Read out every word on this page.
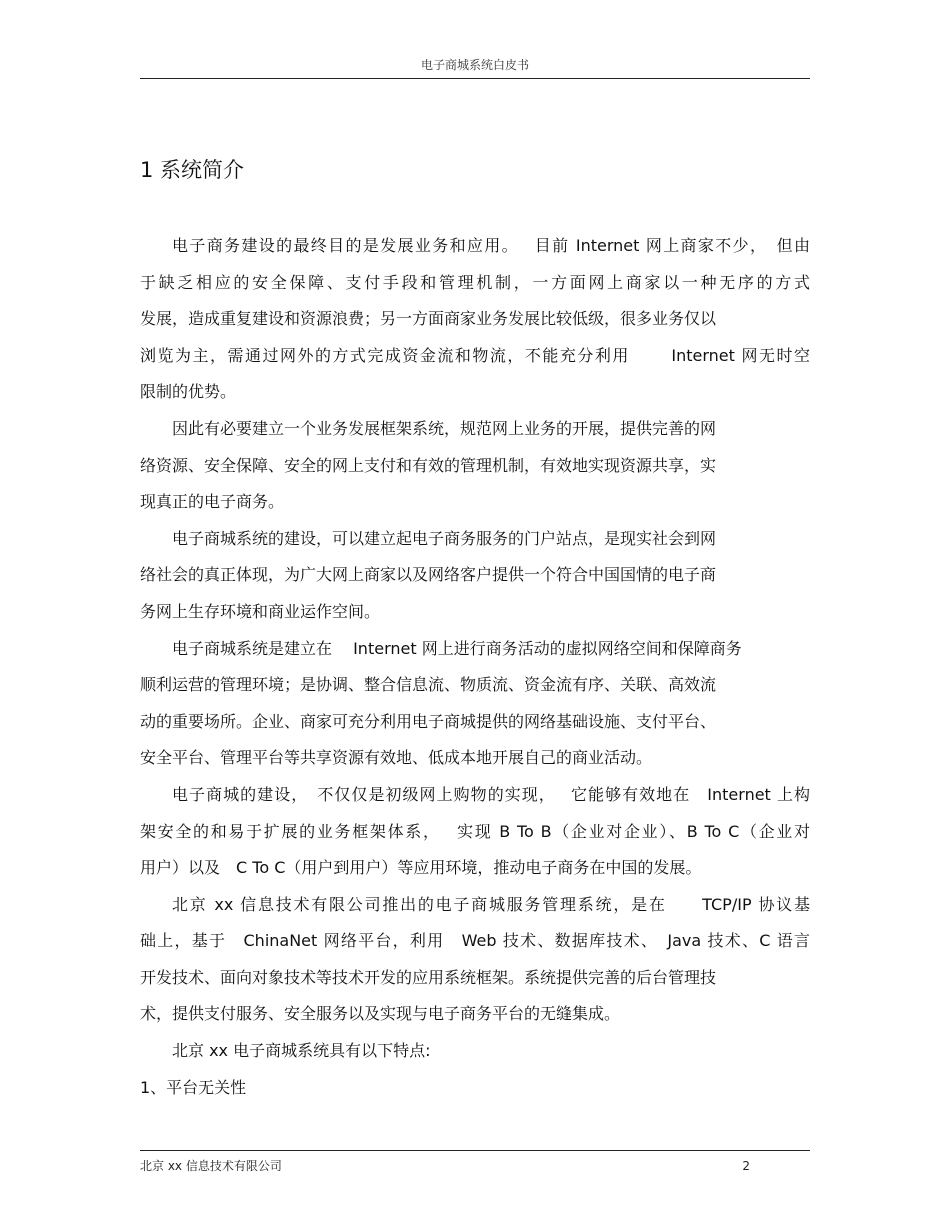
电子商城系统白皮书
1 系统简介
电子商务建设的最终目的是发展业务和应用。　 目前 Internet 网上商家不少，　但由
于缺乏相应的安全保障、支付手段和管理机制，一方面网上商家以一种无序的方式
发展，造成重复建设和资源浪费；另一方面商家业务发展比较低级，很多业务仅以
浏览为主，需通过网外的方式完成资金流和物流，不能充分利用　　 Internet 网无时空
限制的优势。
因此有必要建立一个业务发展框架系统，规范网上业务的开展，提供完善的网
络资源、安全保障、安全的网上支付和有效的管理机制，有效地实现资源共享，实
现真正的电子商务。
电子商城系统的建设，可以建立起电子商务服务的门户站点，是现实社会到网
络社会的真正体现，为广大网上商家以及网络客户提供一个符合中国国情的电子商
务网上生存环境和商业运作空间。
电子商城系统是建立在　 Internet 网上进行商务活动的虚拟网络空间和保障商务
顺利运营的管理环境；是协调、整合信息流、物质流、资金流有序、关联、高效流
动的重要场所。企业、商家可充分利用电子商城提供的网络基础设施、支付平台、
安全平台、管理平台等共享资源有效地、低成本地开展自己的商业活动。
电子商城的建设，　不仅仅是初级网上购物的实现，　 它能够有效地在　Internet 上构
架安全的和易于扩展的业务框架体系，　 实现 B To B（企业对企业）、B To C（企业对
用户）以及　C To C（用户到用户）等应用环境，推动电子商务在中国的发展。
北京 xx 信息技术有限公司推出的电子商城服务管理系统，是在　　TCP/IP 协议基
础上，基于　ChinaNet 网络平台，利用　Web 技术、数据库技术、　Java 技术、C 语言
开发技术、面向对象技术等技术开发的应用系统框架。系统提供完善的后台管理技
术，提供支付服务、安全服务以及实现与电子商务平台的无缝集成。
北京 xx 电子商城系统具有以下特点:
1、平台无关性
北京 xx 信息技术有限公司	2
